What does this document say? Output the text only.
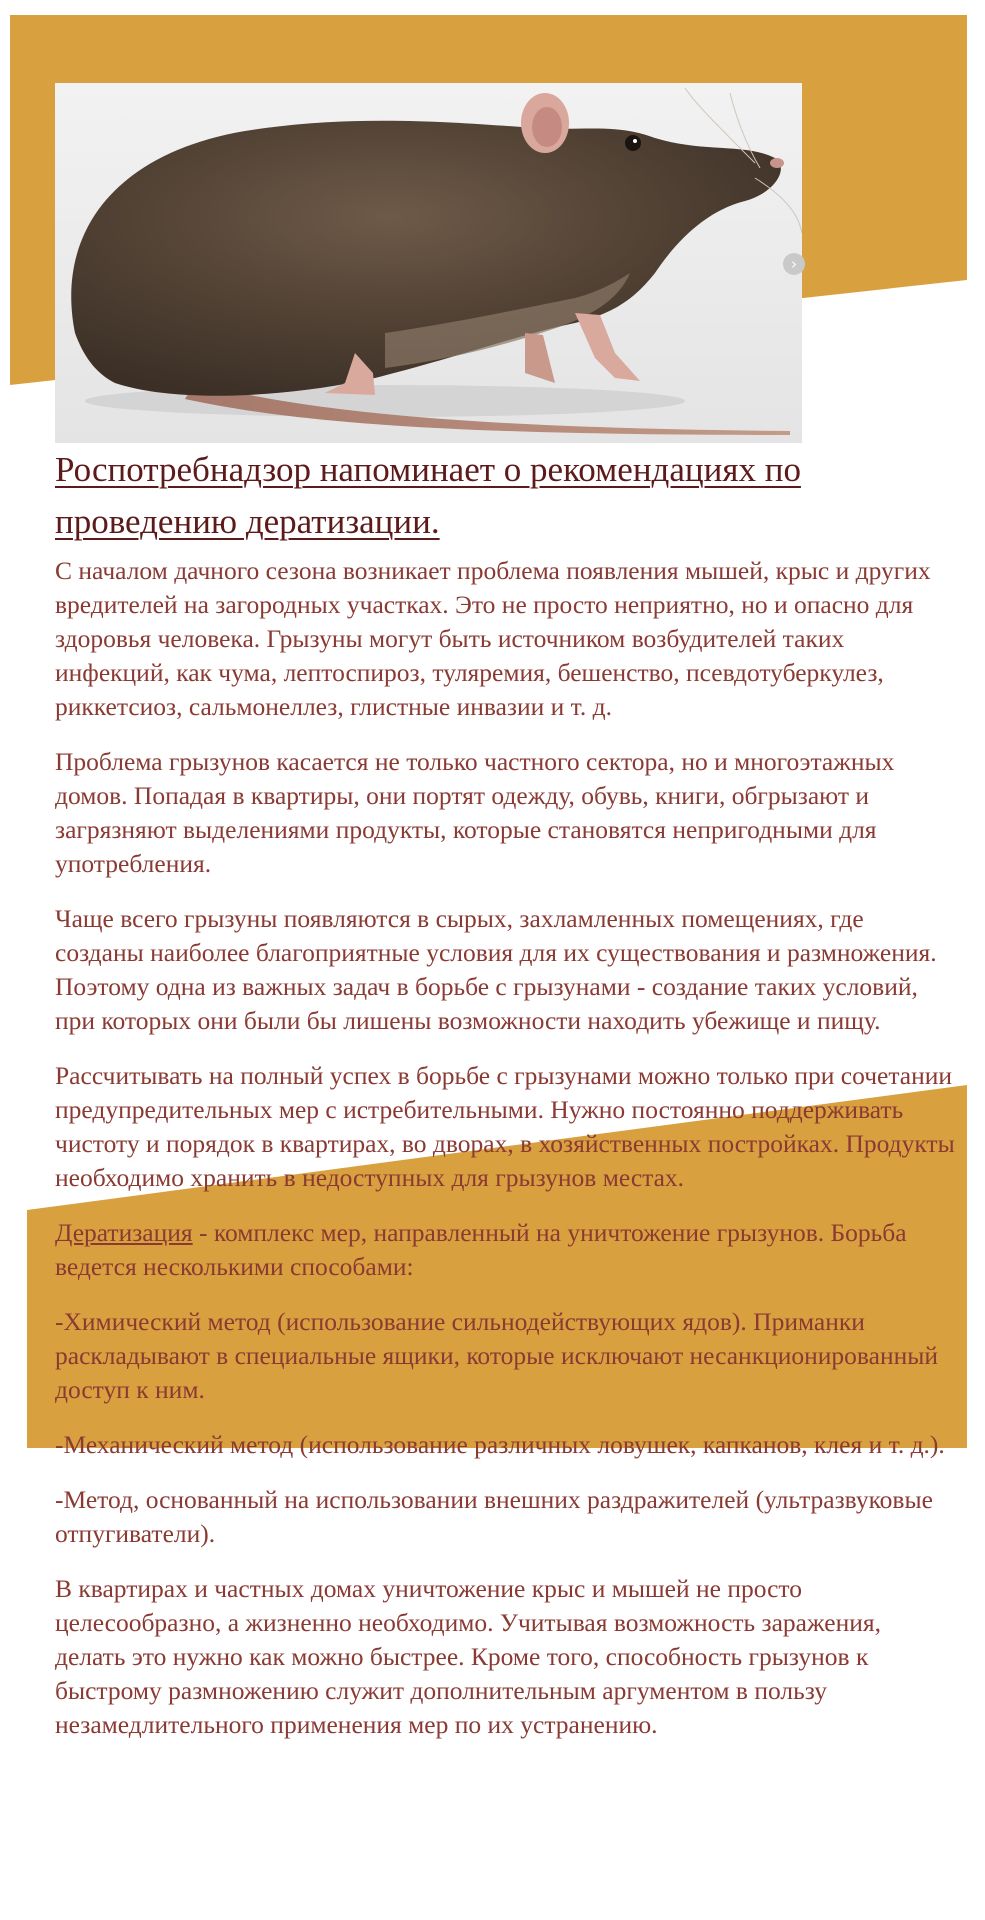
›
Роспотребнадзор напоминает о рекомендациях по проведению дератизации.

С началом дачного сезона возникает проблема появления мышей, крыс и других вредителей на загородных участках. Это не просто неприятно, но и опасно для здоровья человека. Грызуны могут быть источником возбудителей таких инфекций, как чума, лептоспироз, туляремия, бешенство, псевдотуберкулез, риккетсиоз, сальмонеллез, глистные инвазии и т. д.

Проблема грызунов касается не только частного сектора, но и многоэтажных домов. Попадая в квартиры, они портят одежду, обувь, книги, обгрызают и загрязняют выделениями продукты, которые становятся непригодными для употребления.

Чаще всего грызуны появляются в сырых, захламленных помещениях, где созданы наиболее благоприятные условия для их существования и размножения. Поэтому одна из важных задач в борьбе с грызунами - создание таких условий, при которых они были бы лишены возможности находить убежище и пищу.

Рассчитывать на полный успех в борьбе с грызунами можно только при сочетании предупредительных мер с истребительными. Нужно постоянно поддерживать чистоту и порядок в квартирах, во дворах, в хозяйственных постройках. Продукты необходимо хранить в недоступных для грызунов местах.

Дератизация - комплекс мер, направленный на уничтожение грызунов. Борьба ведется несколькими способами:

-Химический метод (использование сильнодействующих ядов). Приманки раскладывают в специальные ящики, которые исключают несанкционированный доступ к ним.

-Механический метод (использование различных ловушек, капканов, клея и т. д.).

-Метод, основанный на использовании внешних раздражителей (ультразвуковые отпугиватели).

В квартирах и частных домах уничтожение крыс и мышей не просто целесообразно, а жизненно необходимо. Учитывая возможность заражения, делать это нужно как можно быстрее. Кроме того, способность грызунов к быстрому размножению служит дополнительным аргументом в пользу незамедлительного применения мер по их устранению.
